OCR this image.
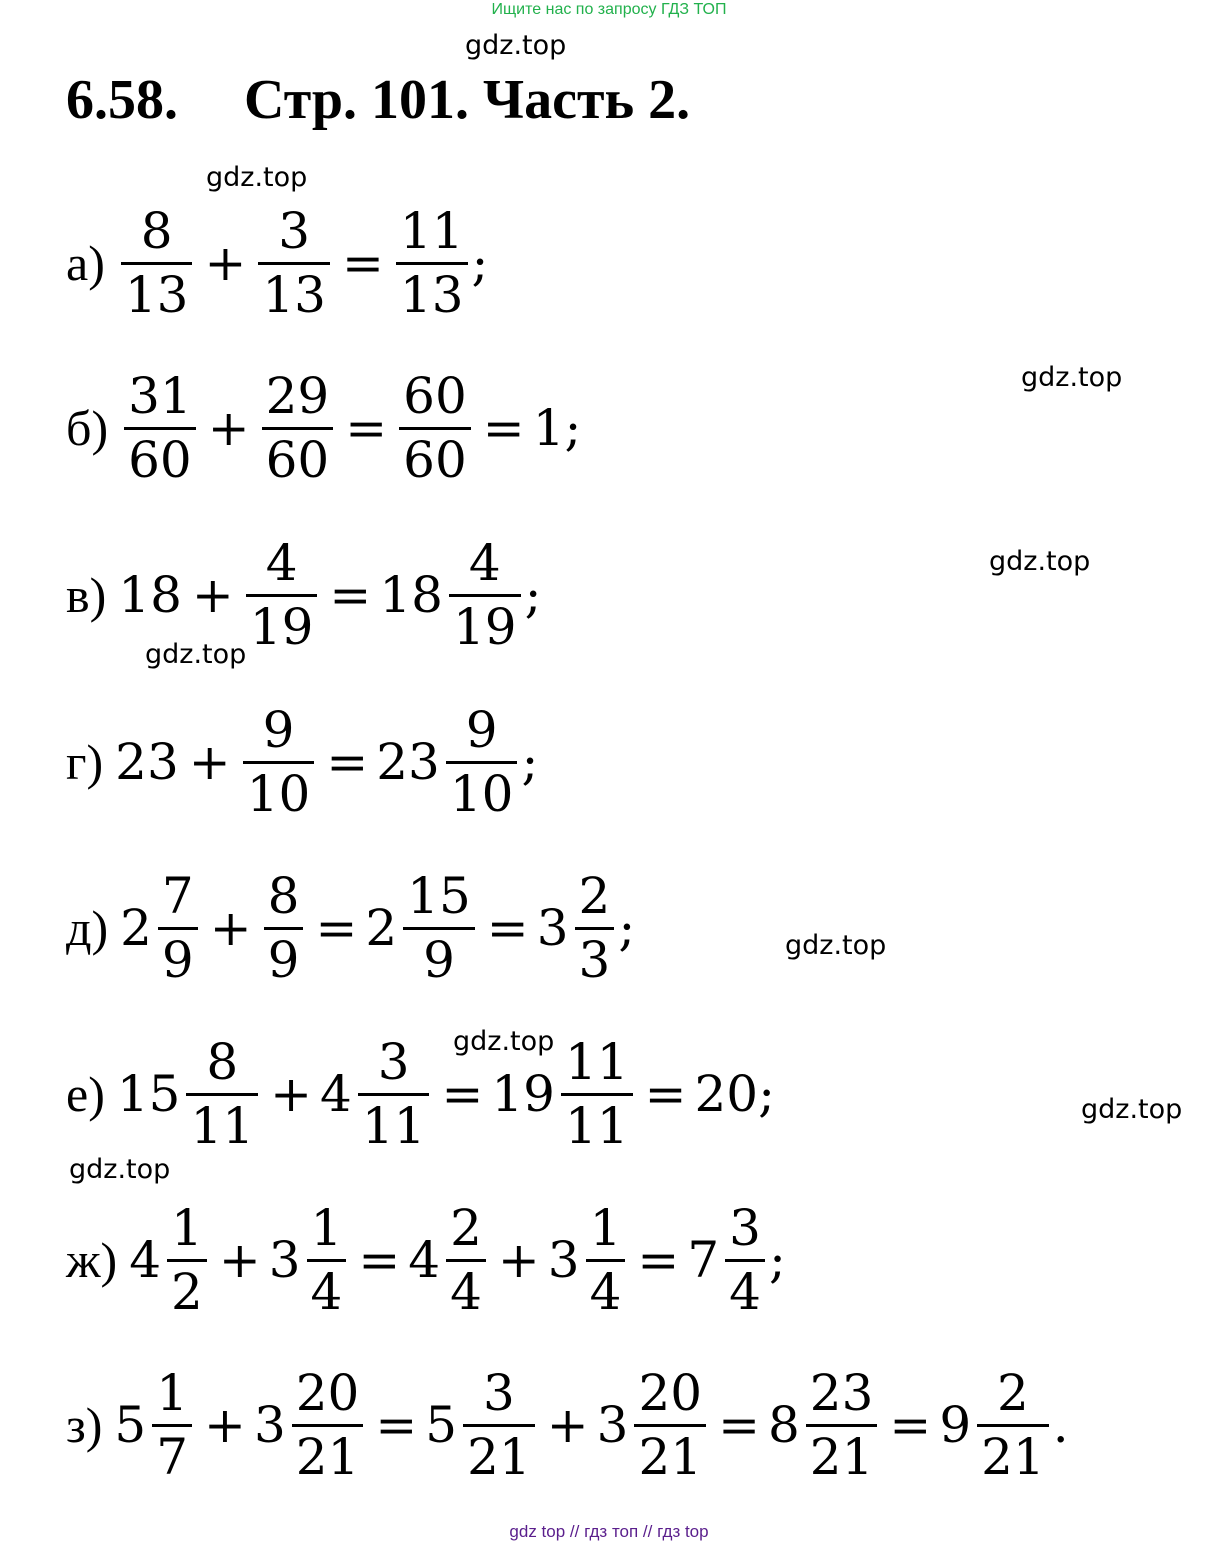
Ищите нас по запросу ГДЗ ТОП
gdz.top
gdz.top
gdz.top
gdz.top
gdz.top
gdz.top
gdz.top
gdz.top
gdz.top
6.58. Стр. 101. Часть 2.
$а) \frac{8}{13} + \frac{3}{13} = \frac{11}{13}$ ;
$б) \frac{31}{60} + \frac{29}{60} = \frac{60}{60} = 1$ ;
в) $18 + \frac{4}{19} = 18 \frac{4}{19}$ ;
г) $23 + \frac{9}{10} = 23 \frac{9}{10}$ ;
д) $2 \frac{7}{9} + \frac{8}{9} = 2 \frac{15}{9} = 3 \frac{2}{3}$ ;
е) $15 \frac{8}{11} + 4 \frac{3}{11} = 19 \frac{11}{11} = 20$ ;
ж) $4 \frac{1}{2} + 3 \frac{1}{4} = 4 \frac{2}{4} + 3 \frac{1}{4} = 7 \frac{3}{4}$ ;
з) $5 \frac{1}{7} + 3 \frac{20}{21} = 5 \frac{3}{21} + 3 \frac{20}{21} = 8 \frac{23}{21} = 9 \frac{2}{21}$ .
gdz top // гдз топ // гдз top
